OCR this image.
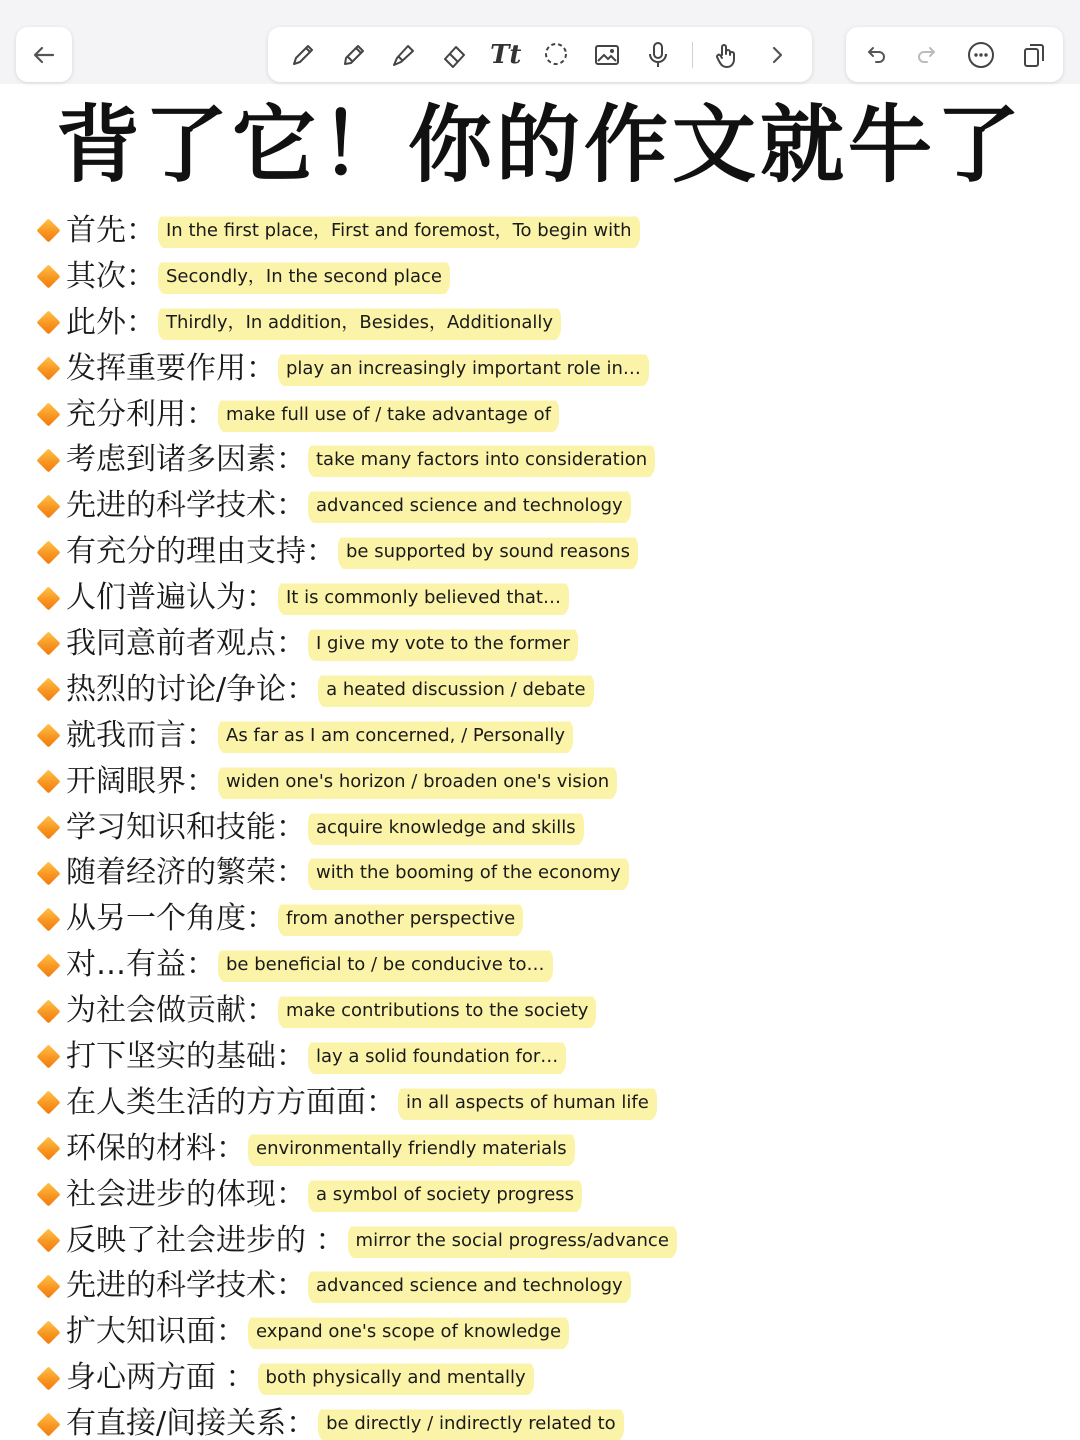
Tt
背了它！你的作文就牛了
首先： In the first place，First and foremost，To begin with
其次： Secondly，In the second place
此外： Thirdly，In addition，Besides，Additionally
发挥重要作用： play an increasingly important role in…
充分利用： make full use of / take advantage of
考虑到诸多因素： take many factors into consideration
先进的科学技术： advanced science and technology
有充分的理由支持： be supported by sound reasons
人们普遍认为： It is commonly believed that…
我同意前者观点： I give my vote to the former
热烈的讨论/争论： a heated discussion / debate
就我而言： As far as I am concerned, / Personally
开阔眼界： widen one's horizon / broaden one's vision
学习知识和技能： acquire knowledge and skills
随着经济的繁荣： with the booming of the economy
从另一个角度： from another perspective
对…有益： be beneficial to / be conducive to…
为社会做贡献： make contributions to the society
打下坚实的基础： lay a solid foundation for…
在人类生活的方方面面： in all aspects of human life
环保的材料： environmentally friendly materials
社会进步的体现： a symbol of society progress
反映了社会进步的 ： mirror the social progress/advance
先进的科学技术： advanced science and technology
扩大知识面： expand one's scope of knowledge
身心两方面 ： both physically and mentally
有直接/间接关系： be directly / indirectly related to
